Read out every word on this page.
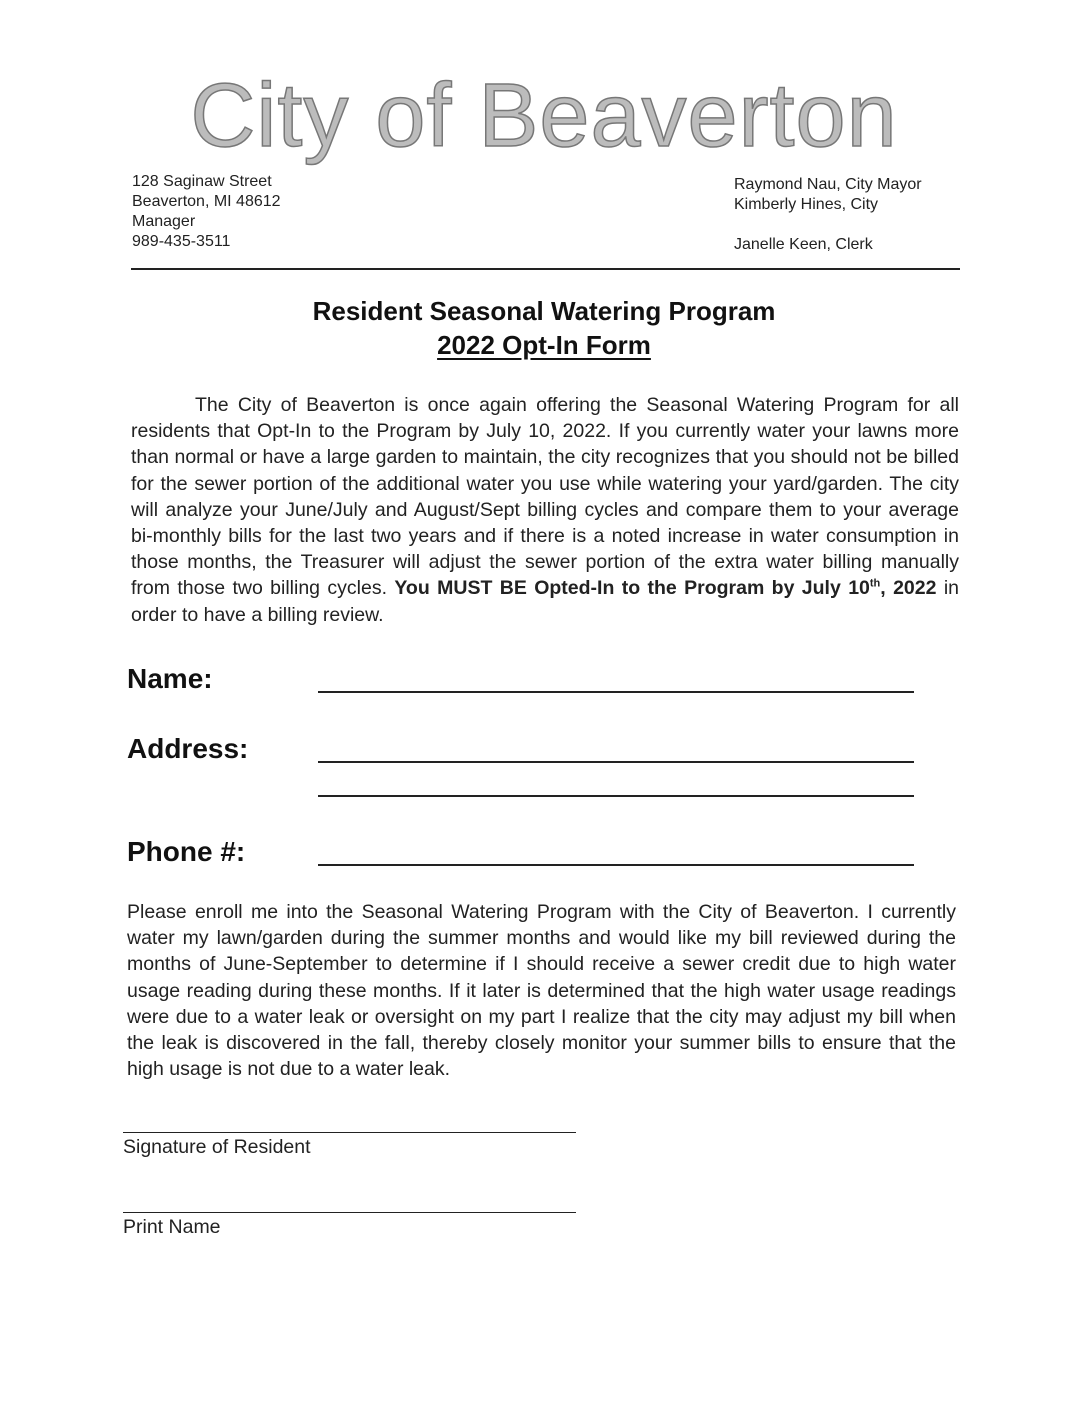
City of Beaverton
128 Saginaw Street
Beaverton, MI 48612
Manager
989-435-3511
Raymond Nau, City Mayor
Kimberly Hines, City
Janelle Keen, Clerk
Resident Seasonal Watering Program
2022 Opt-In Form
The City of Beaverton is once again offering the Seasonal Watering Program for all residents that Opt-In to the Program by July 10, 2022. If you currently water your lawns more than normal or have a large garden to maintain, the city recognizes that you should not be billed for the sewer portion of the additional water you use while watering your yard/garden. The city will analyze your June/July and August/Sept billing cycles and compare them to your average bi-monthly bills for the last two years and if there is a noted increase in water consumption in those months, the Treasurer will adjust the sewer portion of the extra water billing manually from those two billing cycles. You MUST BE Opted-In to the Program by July 10th, 2022 in order to have a billing review.
Name:
Address:
Phone #:
Please enroll me into the Seasonal Watering Program with the City of Beaverton. I currently water my lawn/garden during the summer months and would like my bill reviewed during the months of June-September to determine if I should receive a sewer credit due to high water usage reading during these months. If it later is determined that the high water usage readings were due to a water leak or oversight on my part I realize that the city may adjust my bill when the leak is discovered in the fall, thereby closely monitor your summer bills to ensure that the high usage is not due to a water leak.
Signature of Resident
Print Name
